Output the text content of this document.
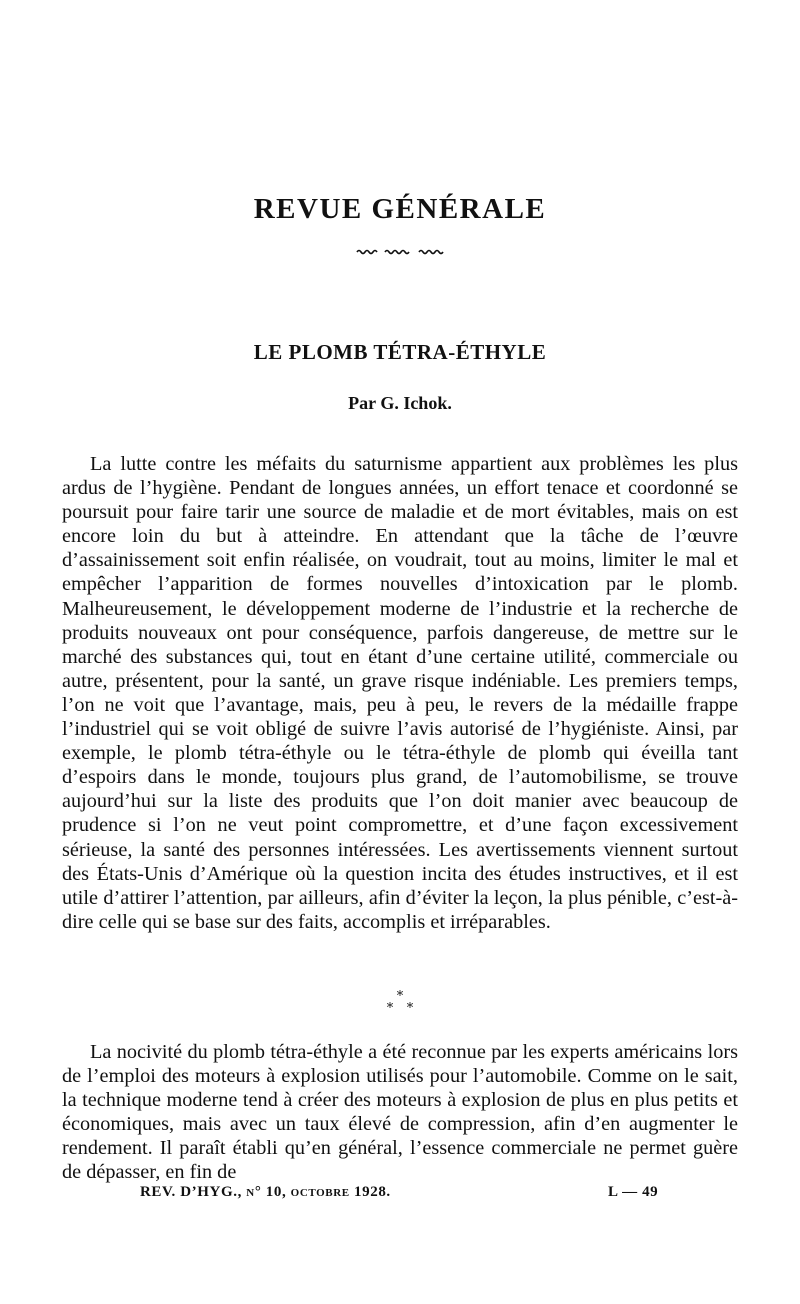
REVUE GÉNÉRALE
LE PLOMB TÉTRA-ÉTHYLE

Par G. Ichok.

La lutte contre les méfaits du saturnisme appartient aux problèmes les plus ardus de l’hygiène. Pendant de longues années, un effort tenace et coordonné se poursuit pour faire tarir une source de maladie et de mort évitables, mais on est encore loin du but à atteindre. En attendant que la tâche de l’œuvre d’assainissement soit enfin réalisée, on voudrait, tout au moins, limiter le mal et empêcher l’apparition de formes nouvelles d’intoxication par le plomb. Malheureusement, le développement moderne de l’industrie et la recherche de produits nouveaux ont pour conséquence, parfois dangereuse, de mettre sur le marché des substances qui, tout en étant d’une certaine utilité, commerciale ou autre, présentent, pour la santé, un grave risque indéniable. Les premiers temps, l’on ne voit que l’avantage, mais, peu à peu, le revers de la médaille frappe l’industriel qui se voit obligé de suivre l’avis autorisé de l’hygiéniste. Ainsi, par exemple, le plomb tétra-éthyle ou le tétra-éthyle de plomb qui éveilla tant d’espoirs dans le monde, toujours plus grand, de l’automobilisme, se trouve aujourd’hui sur la liste des produits que l’on doit manier avec beaucoup de prudence si l’on ne veut point compromettre, et d’une façon excessivement sérieuse, la santé des personnes intéressées. Les avertissements viennent surtout des États-Unis d’Amérique où la question incita des études instructives, et il est utile d’attirer l’attention, par ailleurs, afin d’éviter la leçon, la plus pénible, c’est-à-dire celle qui se base sur des faits, accomplis et irréparables.

*
* *

La nocivité du plomb tétra-éthyle a été reconnue par les experts américains lors de l’emploi des moteurs à explosion utilisés pour l’automobile. Comme on le sait, la technique moderne tend à créer des moteurs à explosion de plus en plus petits et économiques, mais avec un taux élevé de compression, afin d’en augmenter le rendement. Il paraît établi qu’en général, l’essence commerciale ne permet guère de dépasser, en fin de

REV. D’HYG., n° 10, octobre 1928.	L — 49
